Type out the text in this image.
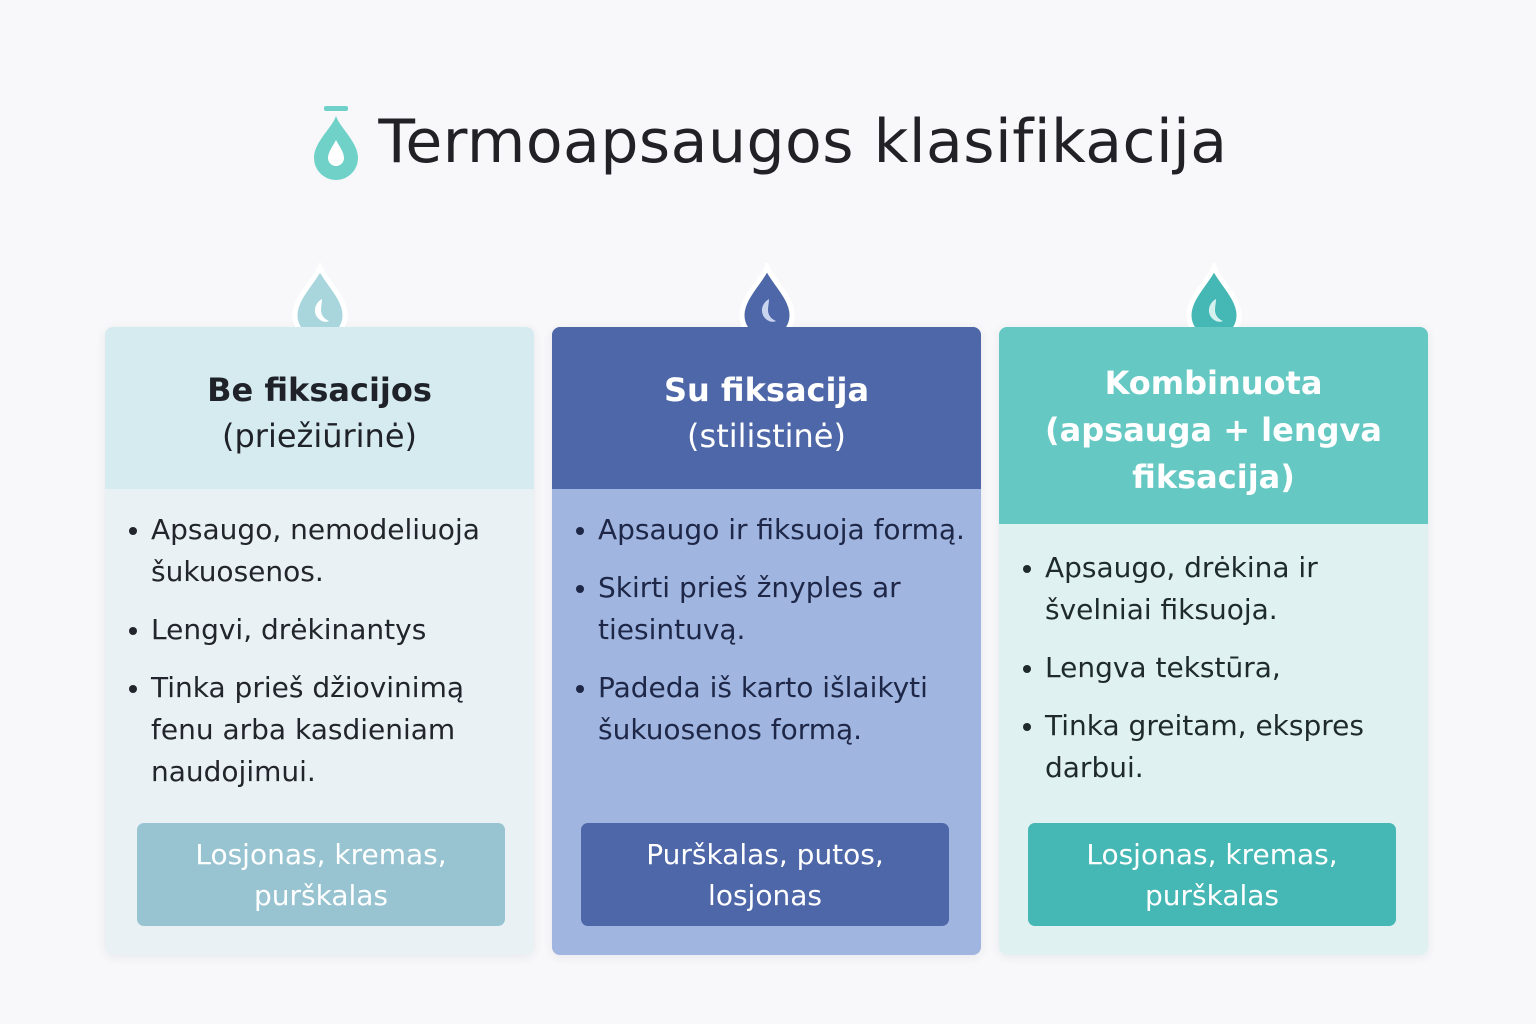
Termoapsaugos klasifikacija
Be fiksacijos
(priežiūrinė)
Apsaugo, nemodeliuoja šukuosenos.
Lengvi, drėkinantys
Tinka prieš džiovinimą fenu arba kasdieniam naudojimui.
Losjonas, kremas,
purškalas
Su fiksacija
(stilistinė)
Apsaugo ir fiksuoja formą.
Skirti prieš žnyples ar tiesintuvą.
Padeda iš karto išlaikyti šukuosenos formą.
Purškalas, putos,
losjonas
Kombinuota
(apsauga + lengva
fiksacija)
Apsaugo, drėkina ir švelniai fiksuoja.
Lengva tekstūra,
Tinka greitam, ekspres darbui.
Losjonas, kremas,
purškalas
